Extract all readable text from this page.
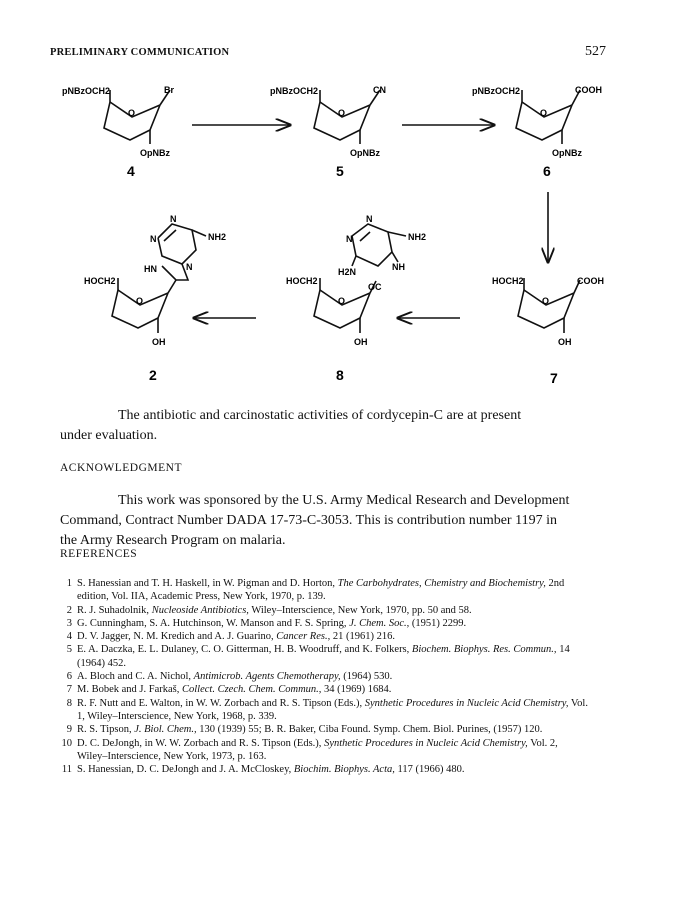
PRELIMINARY COMMUNICATION	527
pNBzOCH2	Br
O
OpNBz
4
pNBzOCH2	CN
O
OpNBz
5
pNBzOCH2	COOH
O
OpNBz
6
HOCH2	COOH
O
OH
7
HOCH2
OC
O
OH
H2N	NH
NH2
N
N
8
HOCH2
O
OH
NH2
HN
N
N
N
2
The antibiotic and carcinostatic activities of cordycepin-C are at present
under evaluation.
ACKNOWLEDGMENT
This work was sponsored by the U.S. Army Medical Research and Development
Command, Contract Number DADA 17-73-C-3053. This is contribution number 1197 in
the Army Research Program on malaria.
REFERENCES
1 S. Hanessian and T. H. Haskell, in W. Pigman and D. Horton, The Carbohydrates, Chemistry and Biochemistry, 2nd edition, Vol. IIA, Academic Press, New York, 1970, p. 139.
2 R. J. Suhadolnik, Nucleoside Antibiotics, Wiley–Interscience, New York, 1970, pp. 50 and 58.
3 G. Cunningham, S. A. Hutchinson, W. Manson and F. S. Spring, J. Chem. Soc., (1951) 2299.
4 D. V. Jagger, N. M. Kredich and A. J. Guarino, Cancer Res., 21 (1961) 216.
5 E. A. Daczka, E. L. Dulaney, C. O. Gitterman, H. B. Woodruff, and K. Folkers, Biochem. Biophys. Res. Commun., 14 (1964) 452.
6 A. Bloch and C. A. Nichol, Antimicrob. Agents Chemotherapy, (1964) 530.
7 M. Bobek and J. Farkaš, Collect. Czech. Chem. Commun., 34 (1969) 1684.
8 R. F. Nutt and E. Walton, in W. W. Zorbach and R. S. Tipson (Eds.), Synthetic Procedures in Nucleic Acid Chemistry, Vol. 1, Wiley–Interscience, New York, 1968, p. 339.
9 R. S. Tipson, J. Biol. Chem., 130 (1939) 55; B. R. Baker, Ciba Found. Symp. Chem. Biol. Purines, (1957) 120.
10 D. C. DeJongh, in W. W. Zorbach and R. S. Tipson (Eds.), Synthetic Procedures in Nucleic Acid Chemistry, Vol. 2, Wiley–Interscience, New York, 1973, p. 163.
11 S. Hanessian, D. C. DeJongh and J. A. McCloskey, Biochim. Biophys. Acta, 117 (1966) 480.
